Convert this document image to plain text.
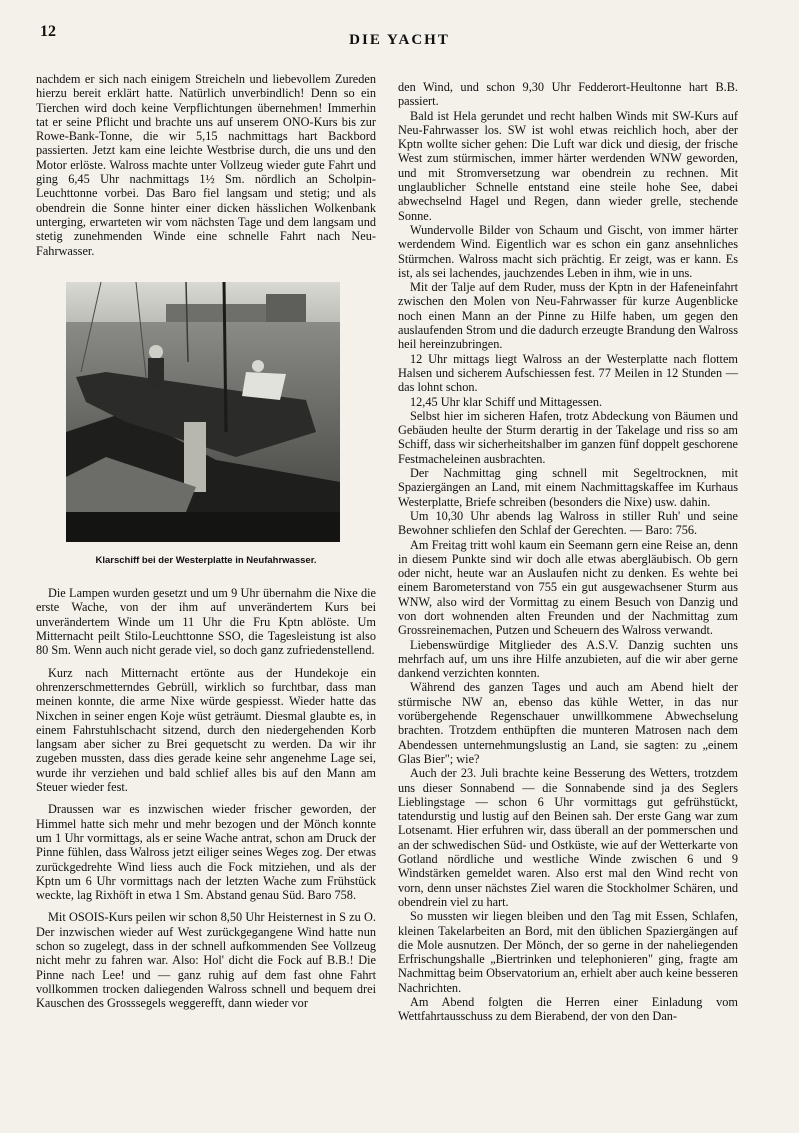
12	DIE YACHT

nachdem er sich nach einigem Streicheln und liebevollem Zureden hierzu bereit erklärt hatte. Natürlich unverbindlich! Denn so ein Tierchen wird doch keine Verpflichtungen übernehmen! Immerhin tat er seine Pflicht und brachte uns auf unserem ONO-Kurs bis zur Rowe-Bank-Tonne, die wir 5,15 nachmittags hart Backbord passierten. Jetzt kam eine leichte Westbrise durch, die uns und den Motor erlöste. Walross machte unter Vollzeug wieder gute Fahrt und ging 6,45 Uhr nachmittags 1½ Sm. nördlich an Scholpin-Leuchttonne vorbei. Das Baro fiel langsam und stetig; und als obendrein die Sonne hinter einer dicken hässlichen Wolkenbank unterging, erwarteten wir vom nächsten Tage und dem langsam und stetig zunehmenden Winde eine schnelle Fahrt nach Neu-Fahrwasser.

Klarschiff bei der Westerplatte in Neufahrwasser.

Die Lampen wurden gesetzt und um 9 Uhr übernahm die Nixe die erste Wache, von der ihm auf unverändertem Kurs bei unverändertem Winde um 11 Uhr die Fru Kptn ablöste. Um Mitternacht peilt Stilo-Leuchttonne SSO, die Tagesleistung ist also 80 Sm. Wenn auch nicht gerade viel, so doch ganz zufriedenstellend.

Kurz nach Mitternacht ertönte aus der Hundekoje ein ohrenzerschmetterndes Gebrüll, wirklich so furchtbar, dass man meinen konnte, die arme Nixe würde gespiesst. Wieder hatte das Nixchen in seiner engen Koje wüst geträumt. Diesmal glaubte es, in einem Fahrstuhlschacht sitzend, durch den niedergehenden Korb langsam aber sicher zu Brei gequetscht zu werden. Da wir ihr zugeben mussten, dass dies gerade keine sehr angenehme Lage sei, wurde ihr verziehen und bald schlief alles bis auf den Mann am Steuer wieder fest.

Draussen war es inzwischen wieder frischer geworden, der Himmel hatte sich mehr und mehr bezogen und der Mönch konnte um 1 Uhr vormittags, als er seine Wache antrat, schon am Druck der Pinne fühlen, dass Walross jetzt eiliger seines Weges zog. Der etwas zurückgedrehte Wind liess auch die Fock mitziehen, und als der Kptn um 6 Uhr vormittags nach der letzten Wache zum Frühstück weckte, lag Rixhöft in etwa 1 Sm. Abstand genau Süd. Baro 758.

Mit OSOIS-Kurs peilen wir schon 8,50 Uhr Heisternest in S zu O. Der inzwischen wieder auf West zurückgegangene Wind hatte nun schon so zugelegt, dass in der schnell aufkommenden See Vollzeug nicht mehr zu fahren war. Also: Hol' dicht die Fock auf B.B.! Die Pinne nach Lee! und — ganz ruhig auf dem fast ohne Fahrt vollkommen trocken daliegenden Walross schnell und bequem drei Kauschen des Grosssegels weggerefft, dann wieder vor

den Wind, und schon 9,30 Uhr Fedderort-Heultonne hart B.B. passiert.

Bald ist Hela gerundet und recht halben Winds mit SW-Kurs auf Neu-Fahrwasser los. SW ist wohl etwas reichlich hoch, aber der Kptn wollte sicher gehen: Die Luft war dick und diesig, der frische West zum stürmischen, immer härter werdenden WNW geworden, und mit Stromversetzung war obendrein zu rechnen. Mit unglaublicher Schnelle entstand eine steile hohe See, dabei abwechselnd Hagel und Regen, dann wieder grelle, stechende Sonne.

Wundervolle Bilder von Schaum und Gischt, von immer härter werdendem Wind. Eigentlich war es schon ein ganz ansehnliches Stürmchen. Walross macht sich prächtig. Er zeigt, was er kann. Es ist, als sei lachendes, jauchzendes Leben in ihm, wie in uns.

Mit der Talje auf dem Ruder, muss der Kptn in der Hafeneinfahrt zwischen den Molen von Neu-Fahrwasser für kurze Augenblicke noch einen Mann an der Pinne zu Hilfe haben, um gegen den auslaufenden Strom und die dadurch erzeugte Brandung den Walross heil hereinzubringen.

12 Uhr mittags liegt Walross an der Westerplatte nach flottem Halsen und sicherem Aufschiessen fest. 77 Meilen in 12 Stunden — das lohnt schon.

12,45 Uhr klar Schiff und Mittagessen.

Selbst hier im sicheren Hafen, trotz Abdeckung von Bäumen und Gebäuden heulte der Sturm derartig in der Takelage und riss so am Schiff, dass wir sicherheitshalber im ganzen fünf doppelt geschorene Festmacheleinen ausbrachten.

Der Nachmittag ging schnell mit Segeltrocknen, mit Spaziergängen an Land, mit einem Nachmittagskaffee im Kurhaus Westerplatte, Briefe schreiben (besonders die Nixe) usw. dahin.

Um 10,30 Uhr abends lag Walross in stiller Ruh' und seine Bewohner schliefen den Schlaf der Gerechten. — Baro: 756.

Am Freitag tritt wohl kaum ein Seemann gern eine Reise an, denn in diesem Punkte sind wir doch alle etwas abergläubisch. Ob gern oder nicht, heute war an Auslaufen nicht zu denken. Es wehte bei einem Barometerstand von 755 ein gut ausgewachsener Sturm aus WNW, also wird der Vormittag zu einem Besuch von Danzig und von dort wohnenden alten Freunden und der Nachmittag zum Grossreinemachen, Putzen und Scheuern des Walross verwandt.

Liebenswürdige Mitglieder des A.S.V. Danzig suchten uns mehrfach auf, um uns ihre Hilfe anzubieten, auf die wir aber gerne dankend verzichten konnten.

Während des ganzen Tages und auch am Abend hielt der stürmische NW an, ebenso das kühle Wetter, in das nur vorübergehende Regenschauer unwillkommene Abwechselung brachten. Trotzdem enthüpften die munteren Matrosen nach dem Abendessen unternehmungslustig an Land, sie sagten: zu „einem Glas Bier"; wie?

Auch der 23. Juli brachte keine Besserung des Wetters, trotzdem uns dieser Sonnabend — die Sonnabende sind ja des Seglers Lieblingstage — schon 6 Uhr vormittags gut gefrühstückt, tatendurstig und lustig auf den Beinen sah. Der erste Gang war zum Lotsenamt. Hier erfuhren wir, dass überall an der pommerschen und an der schwedischen Süd- und Ostküste, wie auf der Wetterkarte von Gotland nördliche und westliche Winde zwischen 6 und 9 Windstärken gemeldet waren. Also erst mal den Wind recht von vorn, denn unser nächstes Ziel waren die Stockholmer Schären, und obendrein viel zu hart.

So mussten wir liegen bleiben und den Tag mit Essen, Schlafen, kleinen Takelarbeiten an Bord, mit den üblichen Spaziergängen auf die Mole ausnutzen. Der Mönch, der so gerne in der naheliegenden Erfrischungshalle „Biertrinken und telephonieren" ging, fragte am Nachmittag beim Observatorium an, erhielt aber auch keine besseren Nachrichten.

Am Abend folgten die Herren einer Einladung vom Wettfahrtausschuss zu dem Bierabend, der von den Dan-
